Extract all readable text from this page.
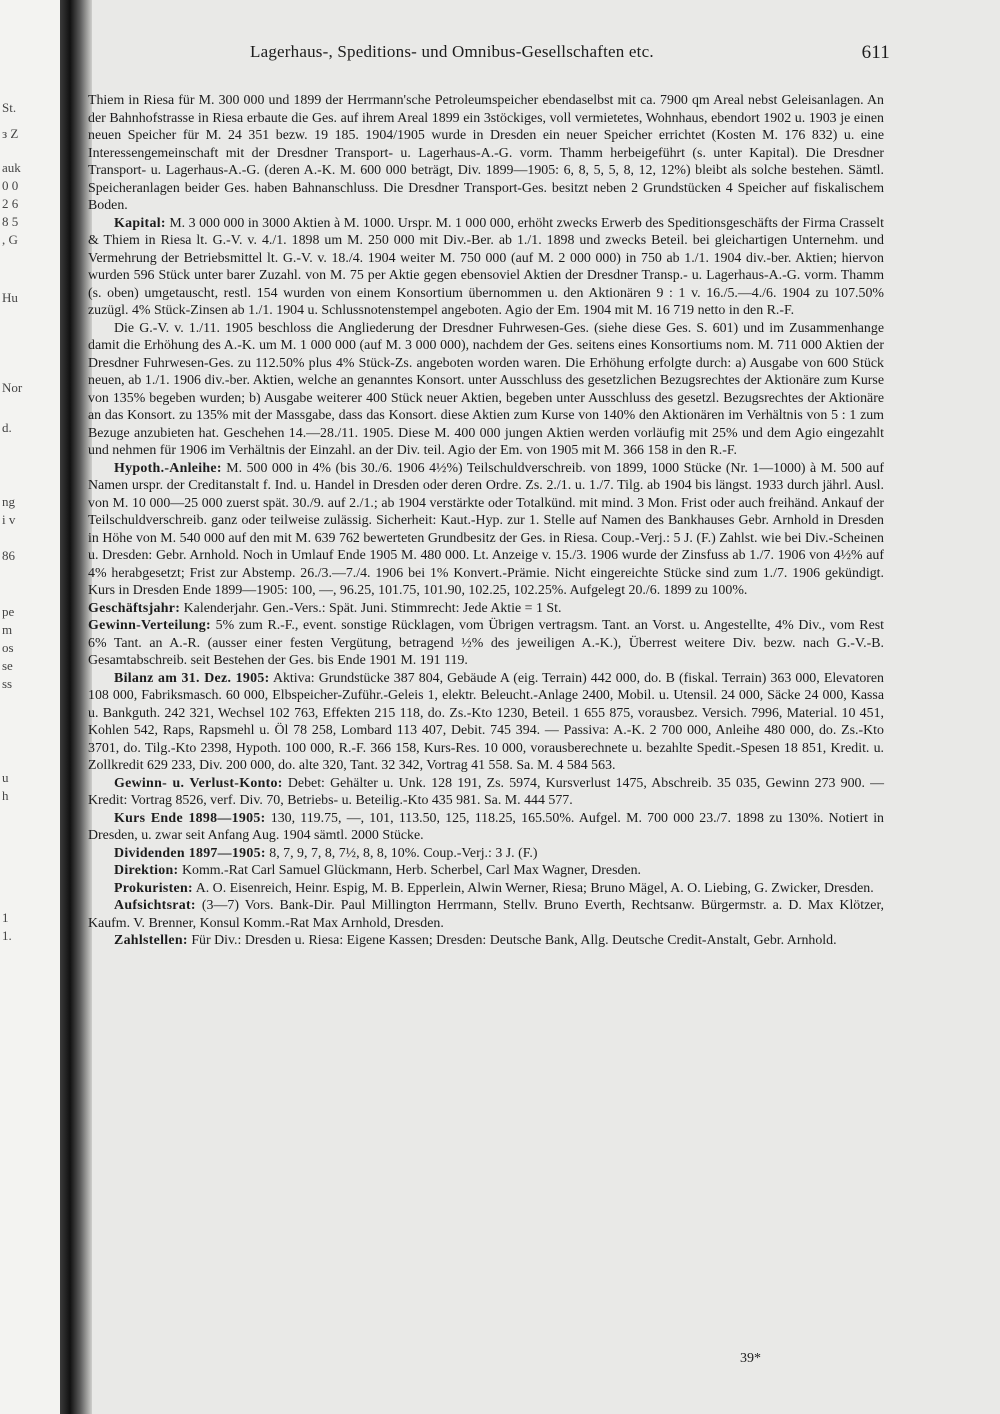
St.
з Z
auk
0 0
2 6
8 5
, G
Hu
Nor
d.
ng
i v
86
pe
m
os
se
ss
u
h
1
1.
Lagerhaus-, Speditions- und Omnibus-Gesellschaften etc.	611

Thiem in Riesa für M. 300 000 und 1899 der Herrmann'sche Petroleumspeicher ebendaselbst mit ca. 7900 qm Areal nebst Geleisanlagen. An der Bahnhofstrasse in Riesa erbaute die Ges. auf ihrem Areal 1899 ein 3stöckiges, voll vermietetes, Wohnhaus, ebendort 1902 u. 1903 je einen neuen Speicher für M. 24 351 bezw. 19 185. 1904/1905 wurde in Dresden ein neuer Speicher errichtet (Kosten M. 176 832) u. eine Interessengemeinschaft mit der Dresdner Transport- u. Lagerhaus-A.-G. vorm. Thamm herbeigeführt (s. unter Kapital). Die Dresdner Transport- u. Lagerhaus-A.-G. (deren A.-K. M. 600 000 beträgt, Div. 1899—1905: 6, 8, 5, 5, 8, 12, 12%) bleibt als solche bestehen. Sämtl. Speicheranlagen beider Ges. haben Bahnanschluss. Die Dresdner Transport-Ges. besitzt neben 2 Grundstücken 4 Speicher auf fiskalischem Boden.

Kapital: M. 3 000 000 in 3000 Aktien à M. 1000. Urspr. M. 1 000 000, erhöht zwecks Erwerb des Speditionsgeschäfts der Firma Crasselt & Thiem in Riesa lt. G.-V. v. 4./1. 1898 um M. 250 000 mit Div.-Ber. ab 1./1. 1898 und zwecks Beteil. bei gleichartigen Unternehm. und Vermehrung der Betriebsmittel lt. G.-V. v. 18./4. 1904 weiter M. 750 000 (auf M. 2 000 000) in 750 ab 1./1. 1904 div.-ber. Aktien; hiervon wurden 596 Stück unter barer Zuzahl. von M. 75 per Aktie gegen ebensoviel Aktien der Dresdner Transp.- u. Lagerhaus-A.-G. vorm. Thamm (s. oben) umgetauscht, restl. 154 wurden von einem Konsortium übernommen u. den Aktionären 9 : 1 v. 16./5.—4./6. 1904 zu 107.50% zuzügl. 4% Stück-Zinsen ab 1./1. 1904 u. Schlussnotenstempel angeboten. Agio der Em. 1904 mit M. 16 719 netto in den R.-F.

Die G.-V. v. 1./11. 1905 beschloss die Angliederung der Dresdner Fuhrwesen-Ges. (siehe diese Ges. S. 601) und im Zusammenhange damit die Erhöhung des A.-K. um M. 1 000 000 (auf M. 3 000 000), nachdem der Ges. seitens eines Konsortiums nom. M. 711 000 Aktien der Dresdner Fuhrwesen-Ges. zu 112.50% plus 4% Stück-Zs. angeboten worden waren. Die Erhöhung erfolgte durch: a) Ausgabe von 600 Stück neuen, ab 1./1. 1906 div.-ber. Aktien, welche an genanntes Konsort. unter Ausschluss des gesetzlichen Bezugsrechtes der Aktionäre zum Kurse von 135% begeben wurden; b) Ausgabe weiterer 400 Stück neuer Aktien, begeben unter Ausschluss des gesetzl. Bezugsrechtes der Aktionäre an das Konsort. zu 135% mit der Massgabe, dass das Konsort. diese Aktien zum Kurse von 140% den Aktionären im Verhältnis von 5 : 1 zum Bezuge anzubieten hat. Geschehen 14.—28./11. 1905. Diese M. 400 000 jungen Aktien werden vorläufig mit 25% und dem Agio eingezahlt und nehmen für 1906 im Verhältnis der Einzahl. an der Div. teil. Agio der Em. von 1905 mit M. 366 158 in den R.-F.

Hypoth.-Anleihe: M. 500 000 in 4% (bis 30./6. 1906 4½%) Teilschuldverschreib. von 1899, 1000 Stücke (Nr. 1—1000) à M. 500 auf Namen urspr. der Creditanstalt f. Ind. u. Handel in Dresden oder deren Ordre. Zs. 2./1. u. 1./7. Tilg. ab 1904 bis längst. 1933 durch jährl. Ausl. von M. 10 000—25 000 zuerst spät. 30./9. auf 2./1.; ab 1904 verstärkte oder Totalkünd. mit mind. 3 Mon. Frist oder auch freihänd. Ankauf der Teilschuldverschreib. ganz oder teilweise zulässig. Sicherheit: Kaut.-Hyp. zur 1. Stelle auf Namen des Bankhauses Gebr. Arnhold in Dresden in Höhe von M. 540 000 auf den mit M. 639 762 bewerteten Grundbesitz der Ges. in Riesa. Coup.-Verj.: 5 J. (F.) Zahlst. wie bei Div.-Scheinen u. Dresden: Gebr. Arnhold. Noch in Umlauf Ende 1905 M. 480 000. Lt. Anzeige v. 15./3. 1906 wurde der Zinsfuss ab 1./7. 1906 von 4½% auf 4% herabgesetzt; Frist zur Abstemp. 26./3.—7./4. 1906 bei 1% Konvert.-Prämie. Nicht eingereichte Stücke sind zum 1./7. 1906 gekündigt. Kurs in Dresden Ende 1899—1905: 100, —, 96.25, 101.75, 101.90, 102.25, 102.25%. Aufgelegt 20./6. 1899 zu 100%.

Geschäftsjahr: Kalenderjahr. Gen.-Vers.: Spät. Juni. Stimmrecht: Jede Aktie = 1 St.

Gewinn-Verteilung: 5% zum R.-F., event. sonstige Rücklagen, vom Übrigen vertragsm. Tant. an Vorst. u. Angestellte, 4% Div., vom Rest 6% Tant. an A.-R. (ausser einer festen Vergütung, betragend ½% des jeweiligen A.-K.), Überrest weitere Div. bezw. nach G.-V.-B. Gesamtabschreib. seit Bestehen der Ges. bis Ende 1901 M. 191 119.

Bilanz am 31. Dez. 1905: Aktiva: Grundstücke 387 804, Gebäude A (eig. Terrain) 442 000, do. B (fiskal. Terrain) 363 000, Elevatoren 108 000, Fabriksmasch. 60 000, Elbspeicher-Zuführ.-Geleis 1, elektr. Beleucht.-Anlage 2400, Mobil. u. Utensil. 24 000, Säcke 24 000, Kassa u. Bankguth. 242 321, Wechsel 102 763, Effekten 215 118, do. Zs.-Kto 1230, Beteil. 1 655 875, vorausbez. Versich. 7996, Material. 10 451, Kohlen 542, Raps, Rapsmehl u. Öl 78 258, Lombard 113 407, Debit. 745 394. — Passiva: A.-K. 2 700 000, Anleihe 480 000, do. Zs.-Kto 3701, do. Tilg.-Kto 2398, Hypoth. 100 000, R.-F. 366 158, Kurs-Res. 10 000, vorausberechnete u. bezahlte Spedit.-Spesen 18 851, Kredit. u. Zollkredit 629 233, Div. 200 000, do. alte 320, Tant. 32 342, Vortrag 41 558. Sa. M. 4 584 563.

Gewinn- u. Verlust-Konto: Debet: Gehälter u. Unk. 128 191, Zs. 5974, Kursverlust 1475, Abschreib. 35 035, Gewinn 273 900. — Kredit: Vortrag 8526, verf. Div. 70, Betriebs- u. Beteilig.-Kto 435 981. Sa. M. 444 577.

Kurs Ende 1898—1905: 130, 119.75, —, 101, 113.50, 125, 118.25, 165.50%. Aufgel. M. 700 000 23./7. 1898 zu 130%. Notiert in Dresden, u. zwar seit Anfang Aug. 1904 sämtl. 2000 Stücke.

Dividenden 1897—1905: 8, 7, 9, 7, 8, 7½, 8, 8, 10%. Coup.-Verj.: 3 J. (F.)

Direktion: Komm.-Rat Carl Samuel Glückmann, Herb. Scherbel, Carl Max Wagner, Dresden.

Prokuristen: A. O. Eisenreich, Heinr. Espig, M. B. Epperlein, Alwin Werner, Riesa; Bruno Mägel, A. O. Liebing, G. Zwicker, Dresden.

Aufsichtsrat: (3—7) Vors. Bank-Dir. Paul Millington Herrmann, Stellv. Bruno Everth, Rechtsanw. Bürgermstr. a. D. Max Klötzer, Kaufm. V. Brenner, Konsul Komm.-Rat Max Arnhold, Dresden.

Zahlstellen: Für Div.: Dresden u. Riesa: Eigene Kassen; Dresden: Deutsche Bank, Allg. Deutsche Credit-Anstalt, Gebr. Arnhold.

39*
